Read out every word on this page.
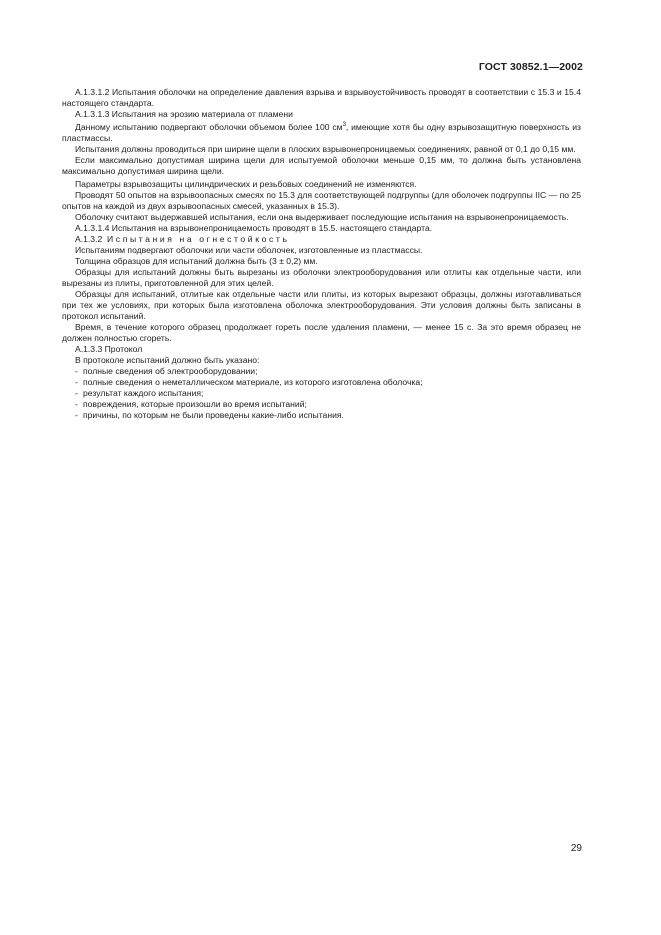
ГОСТ 30852.1—2002

А.1.3.1.2 Испытания оболочки на определение давления взрыва и взрывоустойчивость проводят в соответствии с 15.3 и 15.4 настоящего стандарта.

А.1.3.1.3 Испытания на эрозию материала от пламени

Данному испытанию подвергают оболочки объемом более 100 $см^3$, имеющие хотя бы одну взрывозащитную поверхность из пластмассы.

Испытания должны проводиться при ширине щели в плоских взрывонепроницаемых соединениях, равной от 0,1 до 0,15 мм.

Если максимально допустимая ширина щели для испытуемой оболочки меньше 0,15 мм, то должна быть установлена максимально допустимая ширина щели.

Параметры взрывозащиты цилиндрических и резьбовых соединений не изменяются.

Проводят 50 опытов на взрывоопасных смесях по 15.3 для соответствующей подгруппы (для оболочек подгруппы IIC — по 25 опытов на каждой из двух взрывоопасных смесей, указанных в 15.3).

Оболочку считают выдержавшей испытания, если она выдерживает последующие испытания на взрывонепроницаемость.

А.1.3.1.4 Испытания на взрывонепроницаемость проводят в 15.5. настоящего стандарта.

А.1.3.2 Испытания на огнестойкость

Испытаниям подвергают оболочки или части оболочек, изготовленные из пластмассы.

Толщина образцов для испытаний должна быть (3 ± 0,2) мм.

Образцы для испытаний должны быть вырезаны из оболочки электрооборудования или отлиты как отдельные части, или вырезаны из плиты, приготовленной для этих целей.

Образцы для испытаний, отлитые как отдельные части или плиты, из которых вырезают образцы, должны изготавливаться при тех же условиях, при которых была изготовлена оболочка электрооборудования. Эти условия должны быть записаны в протокол испытаний.

Время, в течение которого образец продолжает гореть после удаления пламени, — менее 15 с. За это время образец не должен полностью сгореть.

А.1.3.3 Протокол

В протоколе испытаний должно быть указано:

- полные сведения об электрооборудовании;
- полные сведения о неметаллическом материале, из которого изготовлена оболочка;
- результат каждого испытания;
- повреждения, которые произошли во время испытаний;
- причины, по которым не были проведены какие-либо испытания.
29
